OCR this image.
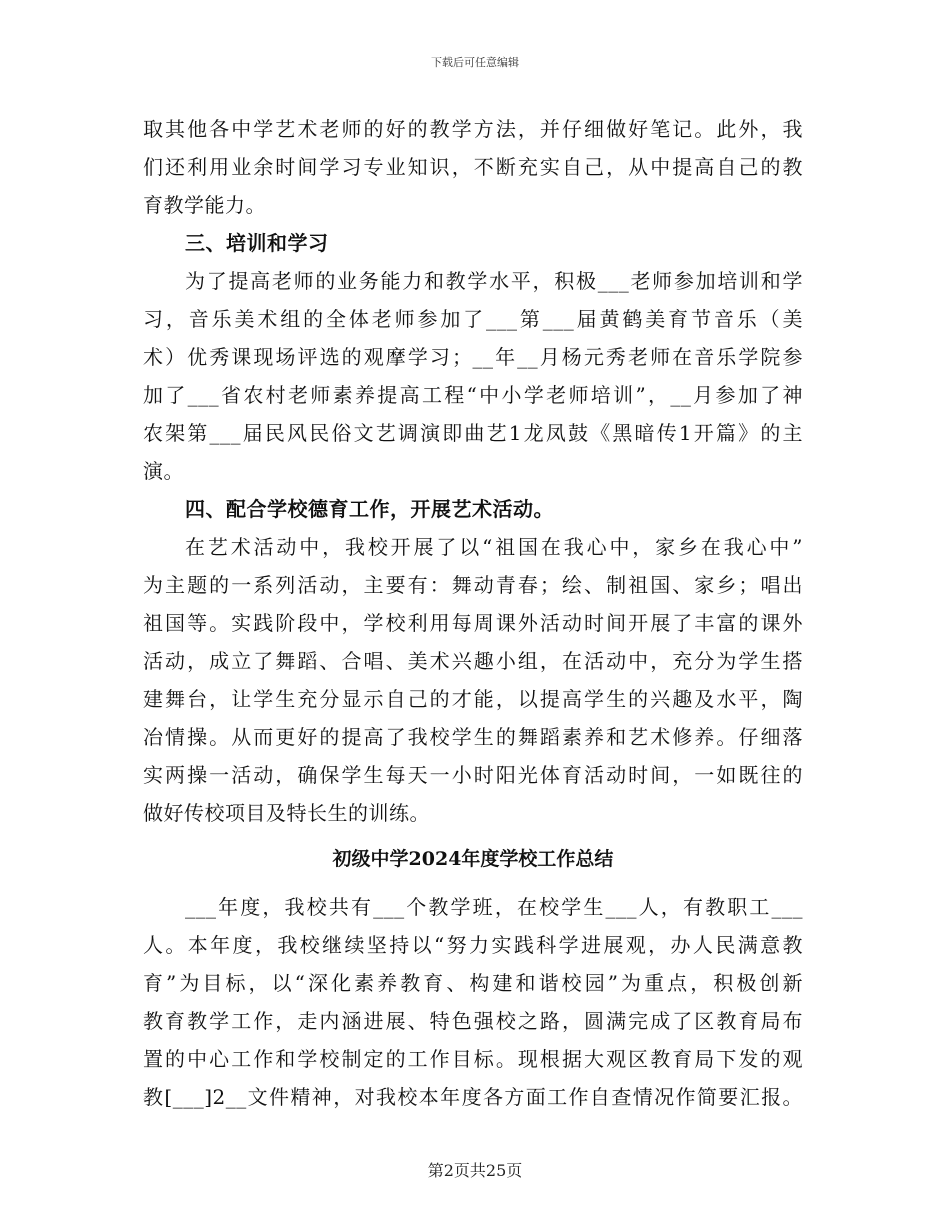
下载后可任意编辑
取其他各中学艺术老师的好的教学方法，并仔细做好笔记。此外，我
们还利用业余时间学习专业知识，不断充实自己，从中提高自己的教
育教学能力。
三、培训和学习
为了提高老师的业务能力和教学水平，积极___老师参加培训和学
习，音乐美术组的全体老师参加了___第___届黄鹤美育节音乐（美
术）优秀课现场评选的观摩学习；__年__月杨元秀老师在音乐学院参
加了___省农村老师素养提高工程“中小学老师培训”，__月参加了神
农架第___届民风民俗文艺调演即曲艺1龙凤鼓《黑暗传1开篇》的主
演。
四、配合学校德育工作，开展艺术活动。
在艺术活动中，我校开展了以“祖国在我心中，家乡在我心中”
为主题的一系列活动，主要有：舞动青春；绘、制祖国、家乡；唱出
祖国等。实践阶段中，学校利用每周课外活动时间开展了丰富的课外
活动，成立了舞蹈、合唱、美术兴趣小组，在活动中，充分为学生搭
建舞台，让学生充分显示自己的才能，以提高学生的兴趣及水平，陶
冶情操。从而更好的提高了我校学生的舞蹈素养和艺术修养。仔细落
实两操一活动，确保学生每天一小时阳光体育活动时间，一如既往的
做好传校项目及特长生的训练。
初级中学2024年度学校工作总结
___年度，我校共有___个教学班，在校学生___人，有教职工___
人。本年度，我校继续坚持以“努力实践科学进展观，办人民满意教
育”为目标，以“深化素养教育、构建和谐校园”为重点，积极创新
教育教学工作，走内涵进展、特色强校之路，圆满完成了区教育局布
置的中心工作和学校制定的工作目标。现根据大观区教育局下发的观
教[___]2__文件精神，对我校本年度各方面工作自查情况作简要汇报。
第2页共25页
